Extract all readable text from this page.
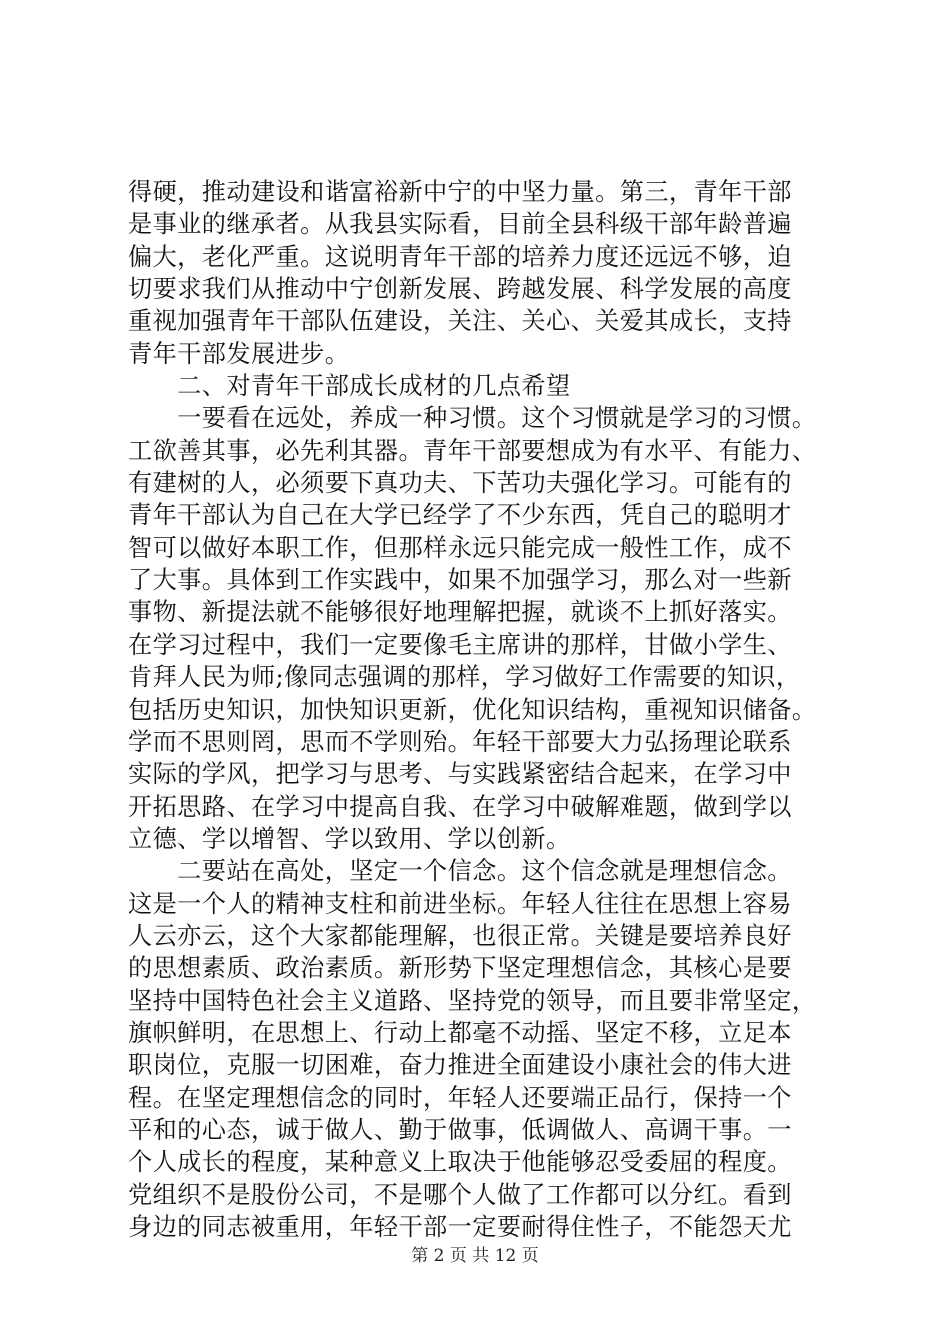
得硬，推动建设和谐富裕新中宁的中坚力量。第三，青年干部
是事业的继承者。从我县实际看，目前全县科级干部年龄普遍
偏大，老化严重。这说明青年干部的培养力度还远远不够，迫
切要求我们从推动中宁创新发展、跨越发展、科学发展的高度
重视加强青年干部队伍建设，关注、关心、关爱其成长，支持
青年干部发展进步。
　　二、对青年干部成长成材的几点希望
　　一要看在远处，养成一种习惯。这个习惯就是学习的习惯。
工欲善其事，必先利其器。青年干部要想成为有水平、有能力、
有建树的人，必须要下真功夫、下苦功夫强化学习。可能有的
青年干部认为自己在大学已经学了不少东西，凭自己的聪明才
智可以做好本职工作，但那样永远只能完成一般性工作，成不
了大事。具体到工作实践中，如果不加强学习，那么对一些新
事物、新提法就不能够很好地理解把握，就谈不上抓好落实。
在学习过程中，我们一定要像毛主席讲的那样，甘做小学生、
肯拜人民为师;像同志强调的那样，学习做好工作需要的知识，
包括历史知识，加快知识更新，优化知识结构，重视知识储备。
学而不思则罔，思而不学则殆。年轻干部要大力弘扬理论联系
实际的学风，把学习与思考、与实践紧密结合起来，在学习中
开拓思路、在学习中提高自我、在学习中破解难题，做到学以
立德、学以增智、学以致用、学以创新。
　　二要站在高处，坚定一个信念。这个信念就是理想信念。
这是一个人的精神支柱和前进坐标。年轻人往往在思想上容易
人云亦云，这个大家都能理解，也很正常。关键是要培养良好
的思想素质、政治素质。新形势下坚定理想信念，其核心是要
坚持中国特色社会主义道路、坚持党的领导，而且要非常坚定，
旗帜鲜明，在思想上、行动上都毫不动摇、坚定不移，立足本
职岗位，克服一切困难，奋力推进全面建设小康社会的伟大进
程。在坚定理想信念的同时，年轻人还要端正品行，保持一个
平和的心态，诚于做人、勤于做事，低调做人、高调干事。一
个人成长的程度，某种意义上取决于他能够忍受委屈的程度。
党组织不是股份公司，不是哪个人做了工作都可以分红。看到
身边的同志被重用，年轻干部一定要耐得住性子，不能怨天尤
第 2 页 共 12 页
